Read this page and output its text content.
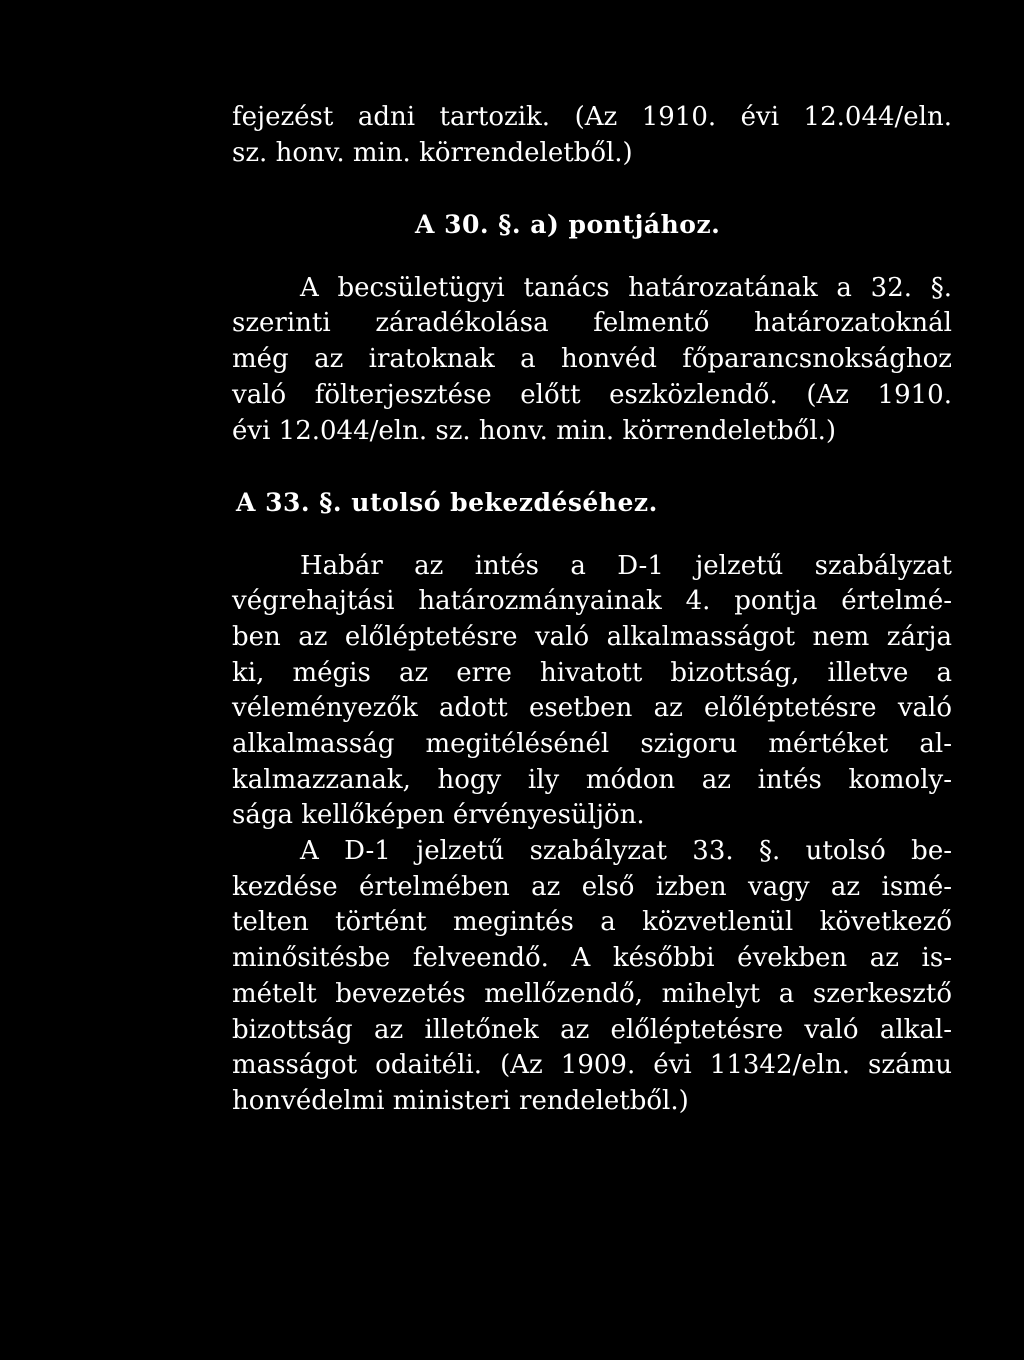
fejezést adni tartozik. (Az 1910. évi 12.044/eln.
sz. honv. min. körrendeletből.)
A 30. §. a) pontjához.
A becsületügyi tanács határozatának a 32. §.
szerinti záradékolása felmentő határozatoknál
még az iratoknak a honvéd főparancsnoksághoz
való fölterjesztése előtt eszközlendő. (Az 1910.
évi 12.044/eln. sz. honv. min. körrendeletből.)
A 33. §. utolsó bekezdéséhez.
Habár az intés a D-1 jelzetű szabályzat
végrehajtási határozmányainak 4. pontja értelmé-
ben az előléptetésre való alkalmasságot nem zárja
ki, mégis az erre hivatott bizottság, illetve a
véleményezők adott esetben az előléptetésre való
alkalmasság megitélésénél szigoru mértéket al-
kalmazzanak, hogy ily módon az intés komoly-
sága kellőképen érvényesüljön.
A D-1 jelzetű szabályzat 33. §. utolsó be-
kezdése értelmében az első izben vagy az ismé-
telten történt megintés a közvetlenül következő
minősitésbe felveendő. A későbbi években az is-
mételt bevezetés mellőzendő, mihelyt a szerkesztő
bizottság az illetőnek az előléptetésre való alkal-
masságot odaitéli. (Az 1909. évi 11342/eln. számu
honvédelmi ministeri rendeletből.)
